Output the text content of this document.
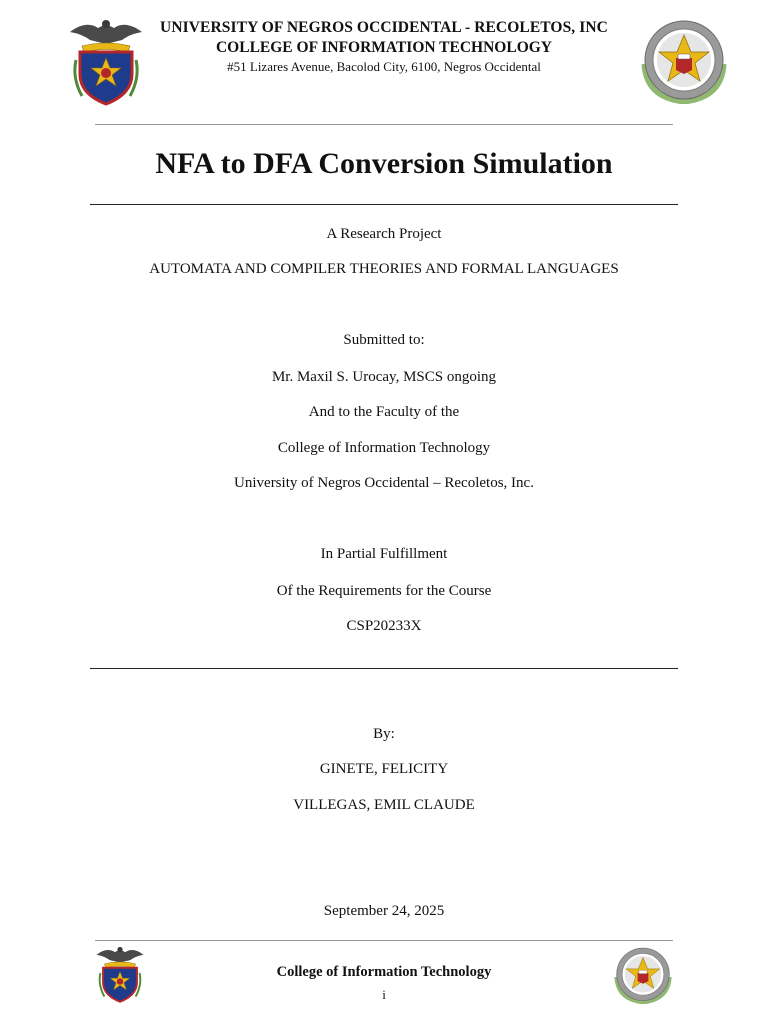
UNIVERSITY OF NEGROS OCCIDENTAL - RECOLETOS, INC
COLLEGE OF INFORMATION TECHNOLOGY
#51 Lizares Avenue, Bacolod City, 6100, Negros Occidental
NFA to DFA Conversion Simulation
A Research Project
AUTOMATA AND COMPILER THEORIES AND FORMAL LANGUAGES
Submitted to:
Mr. Maxil S. Urocay, MSCS ongoing
And to the Faculty of the
College of Information Technology
University of Negros Occidental – Recoletos, Inc.
In Partial Fulfillment
Of the Requirements for the Course
CSP20233X
By:
GINETE, FELICITY
VILLEGAS, EMIL CLAUDE
September 24, 2025
College of Information Technology
i
